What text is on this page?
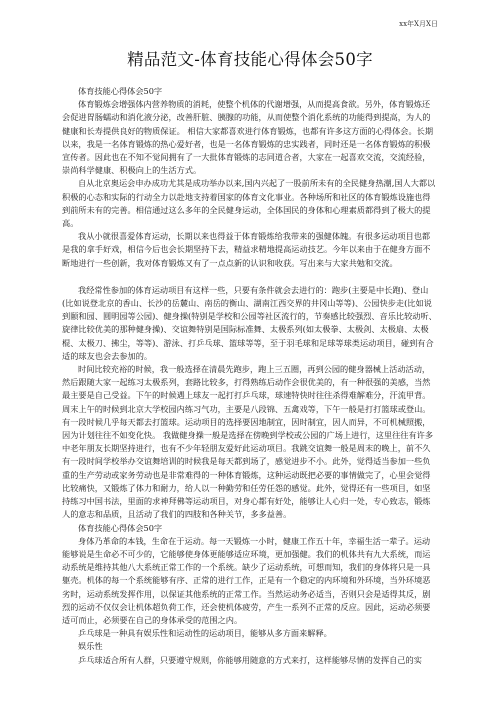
xx年X月X日
精品范文-体育技能心得体会50字

体育技能心得体会50字

体育锻炼会增强体内营养物质的消耗，使整个机体的代谢增强，从而提高食欲。另外，体育锻炼还会促进胃肠蠕动和消化液分泌，改善肝脏、胰腺的功能，从而使整个消化系统的功能得到提高，为人的健康和长寿提供良好的物质保证。 相信大家都喜欢进行体育锻炼，也都有许多这方面的心得体会。长期以来，我是一名体育锻炼的热心爱好者，也是一名体育锻炼的忠实践者，同时还是一名体育锻炼的积极宣传者。因此也在不知不觉间拥有了一大批体育锻炼的志同道合者，大家在一起喜欢交流，交流经验，崇尚科学健康、积极向上的生活方式。

自从北京奥运会申办成功尤其是成功举办以来,国内兴起了一股前所未有的全民健身热潮,国人大都以积极的心态和实际的行动全力以赴地支持着国家的体育文化事业。各种场所和社区的体育锻炼设施也得到前所未有的完善。相信通过这么多年的全民健身运动，全体国民的身体和心理素质都得到了极大的提高。

我从小就很喜爱体育运动，长期以来也得益于体育锻炼给我带来的强健体魄。有很多运动项目也都是我的拿手好戏，相信今后也会长期坚持下去，精益求精地提高运动技艺。今年以来由于在健身方面不断地进行一些创新，我对体育锻炼又有了一点点新的认识和收获。写出来与大家共勉和交流。

我经常性参加的体育运动项目有这样一些，只要有条件就会去进行的：跑步(主要是中长跑)、登山(比如说登北京的香山、长沙的岳麓山、南岳的衡山、湖南江西交界的井冈山等等)、公园快步走(比如说到颐和园、圆明园等公园)、健身操(特别是学校和公园等社区流行的，节奏感比较强烈、音乐比较动听、旋律比较优美的那种健身操)、交谊舞特别是国际标准舞、太极系列(如太极拳、太极剑、太极扇、太极棍、太极刀、拂尘，等等)、游泳、打乒乓球、篮球等等，至于羽毛球和足球等球类运动项目，碰到有合适的球友也会去参加的。

时间比较充裕的时候，我一般选择在清晨先跑步，跑上三五圈，再到公园的健身器械上活动活动，然后跟随大家一起练习太极系列，套路比较多，打得熟练后动作会很优美的，有一种很强的美感，当然最主要是自己受益。下午的时候遇上球友一起打打乒乓球，球速特快时往往杀得难解难分，汗流甲背。周末上午的时候到北京大学校园内练习气功，主要是八段锦、五禽戏等，下午一般是打打篮球或登山。有一段时候几乎每天都去打篮球。运动项目的选择要因地制宜，因时制宜，因人而异，不可机械照搬，因为计划往往不如变化快。 我做健身操一般是选择在傍晚到学校或公园的广场上进行，这里往往有许多中老年朋友长期坚持进行，也有不少年轻朋友爱好此运动项目。我跳交谊舞一般是周末的晚上，前不久有一段时间学校举办交谊舞培训的时候我是每天都到场了，感觉进步不小。此外，觉得适当参加一些负重的生产劳动或家务劳动也是非常难得的一种体育锻炼，这种运动既把必要的事情做完了，心里会觉得比较痛快，又锻炼了体力和耐力，给人以一种勤劳和任劳任怨的感觉。此外，觉得还有一些项目，如坚持练习中国书法，里面的求神拜佛等运动项目，对身心都有好处，能够让人心归一处，专心致志，锻炼人的意志和品质，且活动了我们的四肢和各种关节，多多益善。

体育技能心得体会50字

身体乃革命的本钱，生命在于运动。每一天锻炼一小时，健康工作五十年，幸福生活一辈子。运动能够说是生命必不可少的，它能够使身体更能够适应环境，更加强健。我们的机体共有九大系统，而运动系统是维持其他八大系统正常工作的一个系统。缺少了运动系统，可想而知，我们的身体将只是一具躯壳。机体的每一个系统能够有序、正常的进行工作，正是有一个稳定的内环境和外环境，当外环境恶劣时，运动系统发挥作用，以保证其他系统的正常工作。当然运动务必适当，否则只会是适得其反，剧烈的运动不仅仅会让机体超负荷工作，还会使机体疲劳，产生一系列不正常的反应。因此，运动必须要适可而止，必须要在自己的身体承受的范围之内。

乒乓球是一种具有娱乐性和运动性的运动项目，能够从多方面来解释。

娱乐性

乒乓球适合所有人群，只要遵守规则，你能够用随意的方式来打，这样能够尽情的发挥自己的实
